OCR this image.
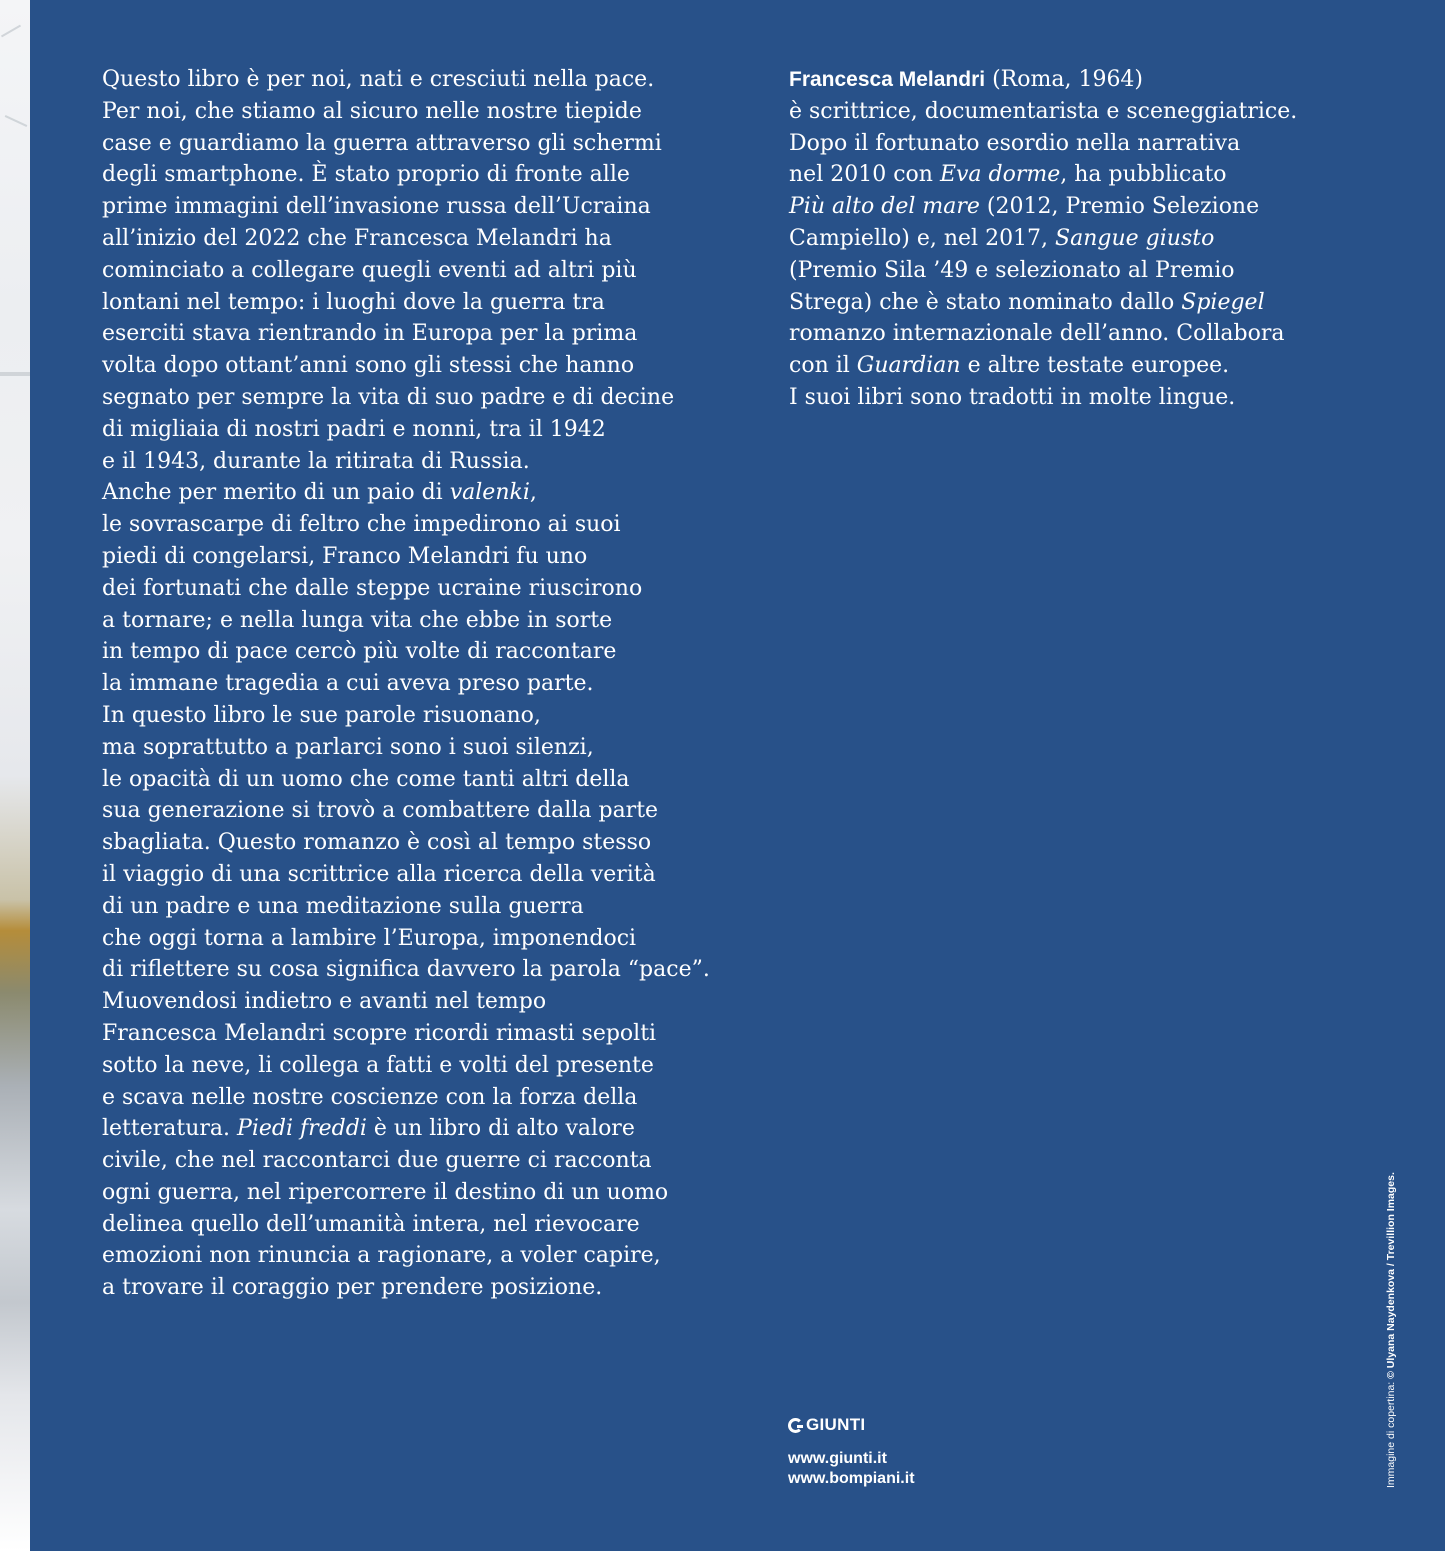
Questo libro è per noi, nati e cresciuti nella pace.
Per noi, che stiamo al sicuro nelle nostre tiepide
case e guardiamo la guerra attraverso gli schermi
degli smartphone. È stato proprio di fronte alle
prime immagini dell’invasione russa dell’Ucraina
all’inizio del 2022 che Francesca Melandri ha
cominciato a collegare quegli eventi ad altri più
lontani nel tempo: i luoghi dove la guerra tra
eserciti stava rientrando in Europa per la prima
volta dopo ottant’anni sono gli stessi che hanno
segnato per sempre la vita di suo padre e di decine
di migliaia di nostri padri e nonni, tra il 1942
e il 1943, durante la ritirata di Russia.
Anche per merito di un paio di valenki,
le sovrascarpe di feltro che impedirono ai suoi
piedi di congelarsi, Franco Melandri fu uno
dei fortunati che dalle steppe ucraine riuscirono
a tornare; e nella lunga vita che ebbe in sorte
in tempo di pace cercò più volte di raccontare
la immane tragedia a cui aveva preso parte.
In questo libro le sue parole risuonano,
ma soprattutto a parlarci sono i suoi silenzi,
le opacità di un uomo che come tanti altri della
sua generazione si trovò a combattere dalla parte
sbagliata. Questo romanzo è così al tempo stesso
il viaggio di una scrittrice alla ricerca della verità
di un padre e una meditazione sulla guerra
che oggi torna a lambire l’Europa, imponendoci
di riflettere su cosa significa davvero la parola “pace”.
Muovendosi indietro e avanti nel tempo
Francesca Melandri scopre ricordi rimasti sepolti
sotto la neve, li collega a fatti e volti del presente
e scava nelle nostre coscienze con la forza della
letteratura. Piedi freddi è un libro di alto valore
civile, che nel raccontarci due guerre ci racconta
ogni guerra, nel ripercorrere il destino di un uomo
delinea quello dell’umanità intera, nel rievocare
emozioni non rinuncia a ragionare, a voler capire,
a trovare il coraggio per prendere posizione.
Francesca Melandri (Roma, 1964)
è scrittrice, documentarista e sceneggiatrice.
Dopo il fortunato esordio nella narrativa
nel 2010 con Eva dorme, ha pubblicato
Più alto del mare (2012, Premio Selezione
Campiello) e, nel 2017, Sangue giusto
(Premio Sila ’49 e selezionato al Premio
Strega) che è stato nominato dallo Spiegel
romanzo internazionale dell’anno. Collabora
con il Guardian e altre testate europee.
I suoi libri sono tradotti in molte lingue.
GIUNTI
www.giunti.it
www.bompiani.it	Immagine di copertina: © Ulyana Naydenkova / Trevillion Images.
